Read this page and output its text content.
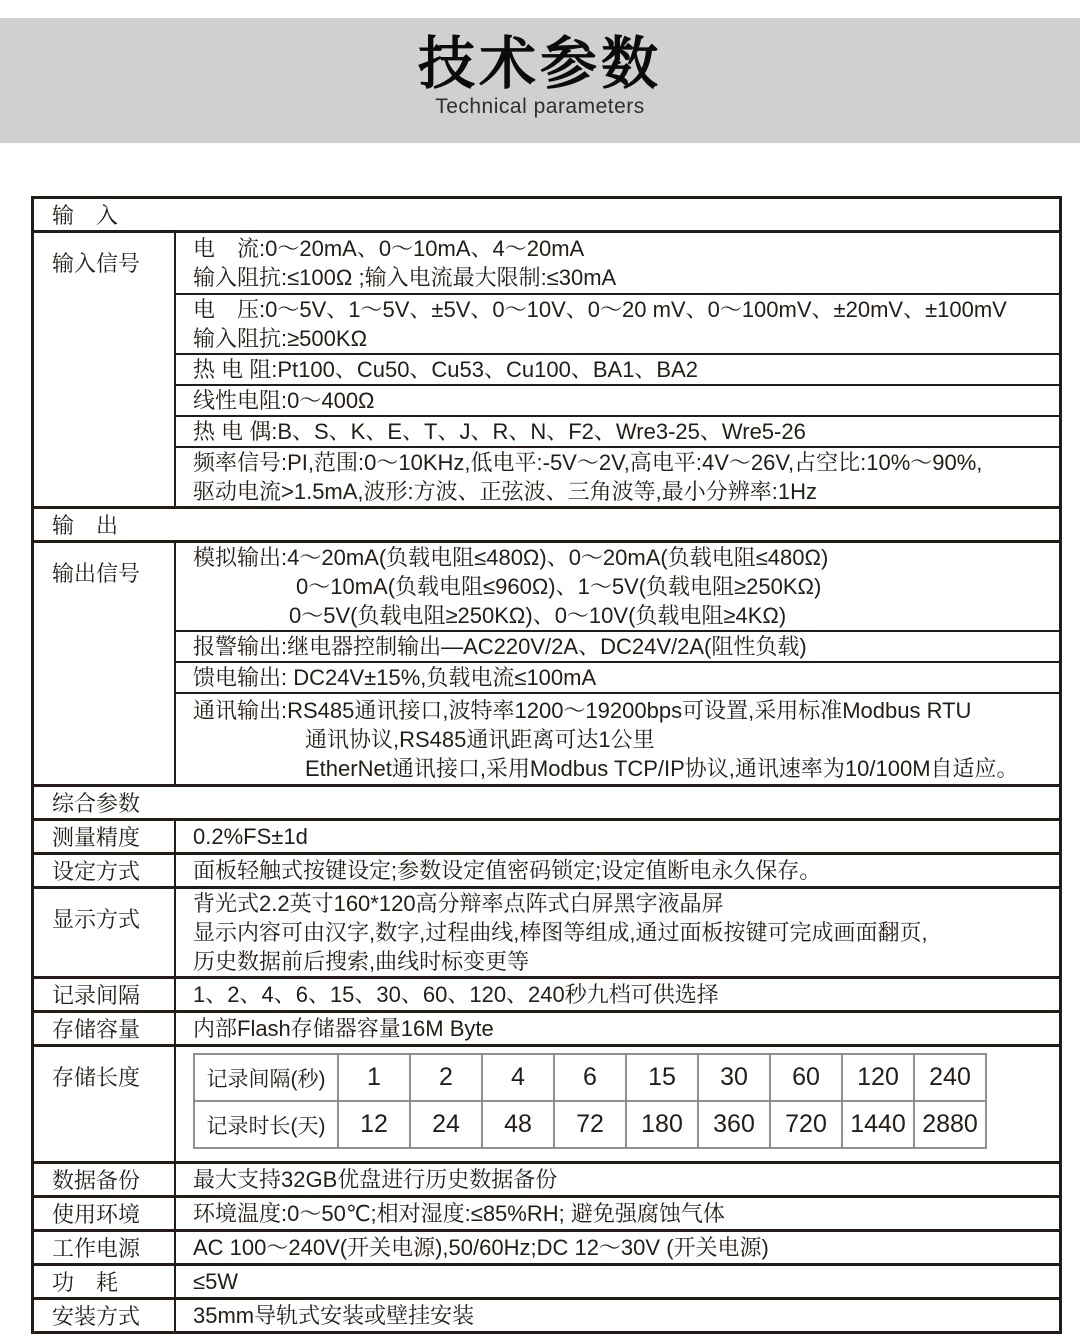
技术参数
Technical parameters
输　入
输入信号
电　流:0～20mA、0～10mA、4～20mA
输入阻抗:≤100Ω ;输入电流最大限制:≤30mA
电　压:0～5V、1～5V、±5V、0～10V、0～20 mV、0～100mV、±20mV、±100mV
输入阻抗:≥500KΩ
热 电 阻:Pt100、Cu50、Cu53、Cu100、BA1、BA2
线性电阻:0～400Ω
热 电 偶:B、S、K、E、T、J、R、N、F2、Wre3-25、Wre5-26
频率信号:PI,范围:0～10KHz,低电平:-5V～2V,高电平:4V～26V,占空比:10%～90%,
驱动电流>1.5mA,波形:方波、正弦波、三角波等,最小分辨率:1Hz
输　出
输出信号
模拟输出:4～20mA(负载电阻≤480Ω)、0～20mA(负载电阻≤480Ω)
0～10mA(负载电阻≤960Ω)、1～5V(负载电阻≥250KΩ)
0～5V(负载电阻≥250KΩ)、0～10V(负载电阻≥4KΩ)
报警输出:继电器控制输出—AC220V/2A、DC24V/2A(阻性负载)
馈电输出: DC24V±15%,负载电流≤100mA
通讯输出:RS485通讯接口,波特率1200～19200bps可设置,采用标准Modbus RTU
通讯协议,RS485通讯距离可达1公里
EtherNet通讯接口,采用Modbus TCP/IP协议,通讯速率为10/100M自适应。
综合参数
测量精度	0.2%FS±1d
设定方式	面板轻触式按键设定;参数设定值密码锁定;设定值断电永久保存。
显示方式
背光式2.2英寸160*120高分辩率点阵式白屏黑字液晶屏
显示内容可由汉字,数字,过程曲线,棒图等组成,通过面板按键可完成画面翻页,
历史数据前后搜索,曲线时标变更等
记录间隔	1、2、4、6、15、30、60、120、240秒九档可供选择
存储容量	内部Flash存储器容量16M Byte
存储长度	记录间隔(秒)	1	2	4	6	15	30	60	120	240
记录时长(天)	12	24	48	72	180	360	720 1440 2880
数据备份	最大支持32GB优盘进行历史数据备份
使用环境	环境温度:0～50℃;相对湿度:≤85%RH; 避免强腐蚀气体
工作电源	AC 100～240V(开关电源),50/60Hz;DC 12～30V (开关电源)
功　耗	≤5W
安装方式	35mm导轨式安装或壁挂安装
